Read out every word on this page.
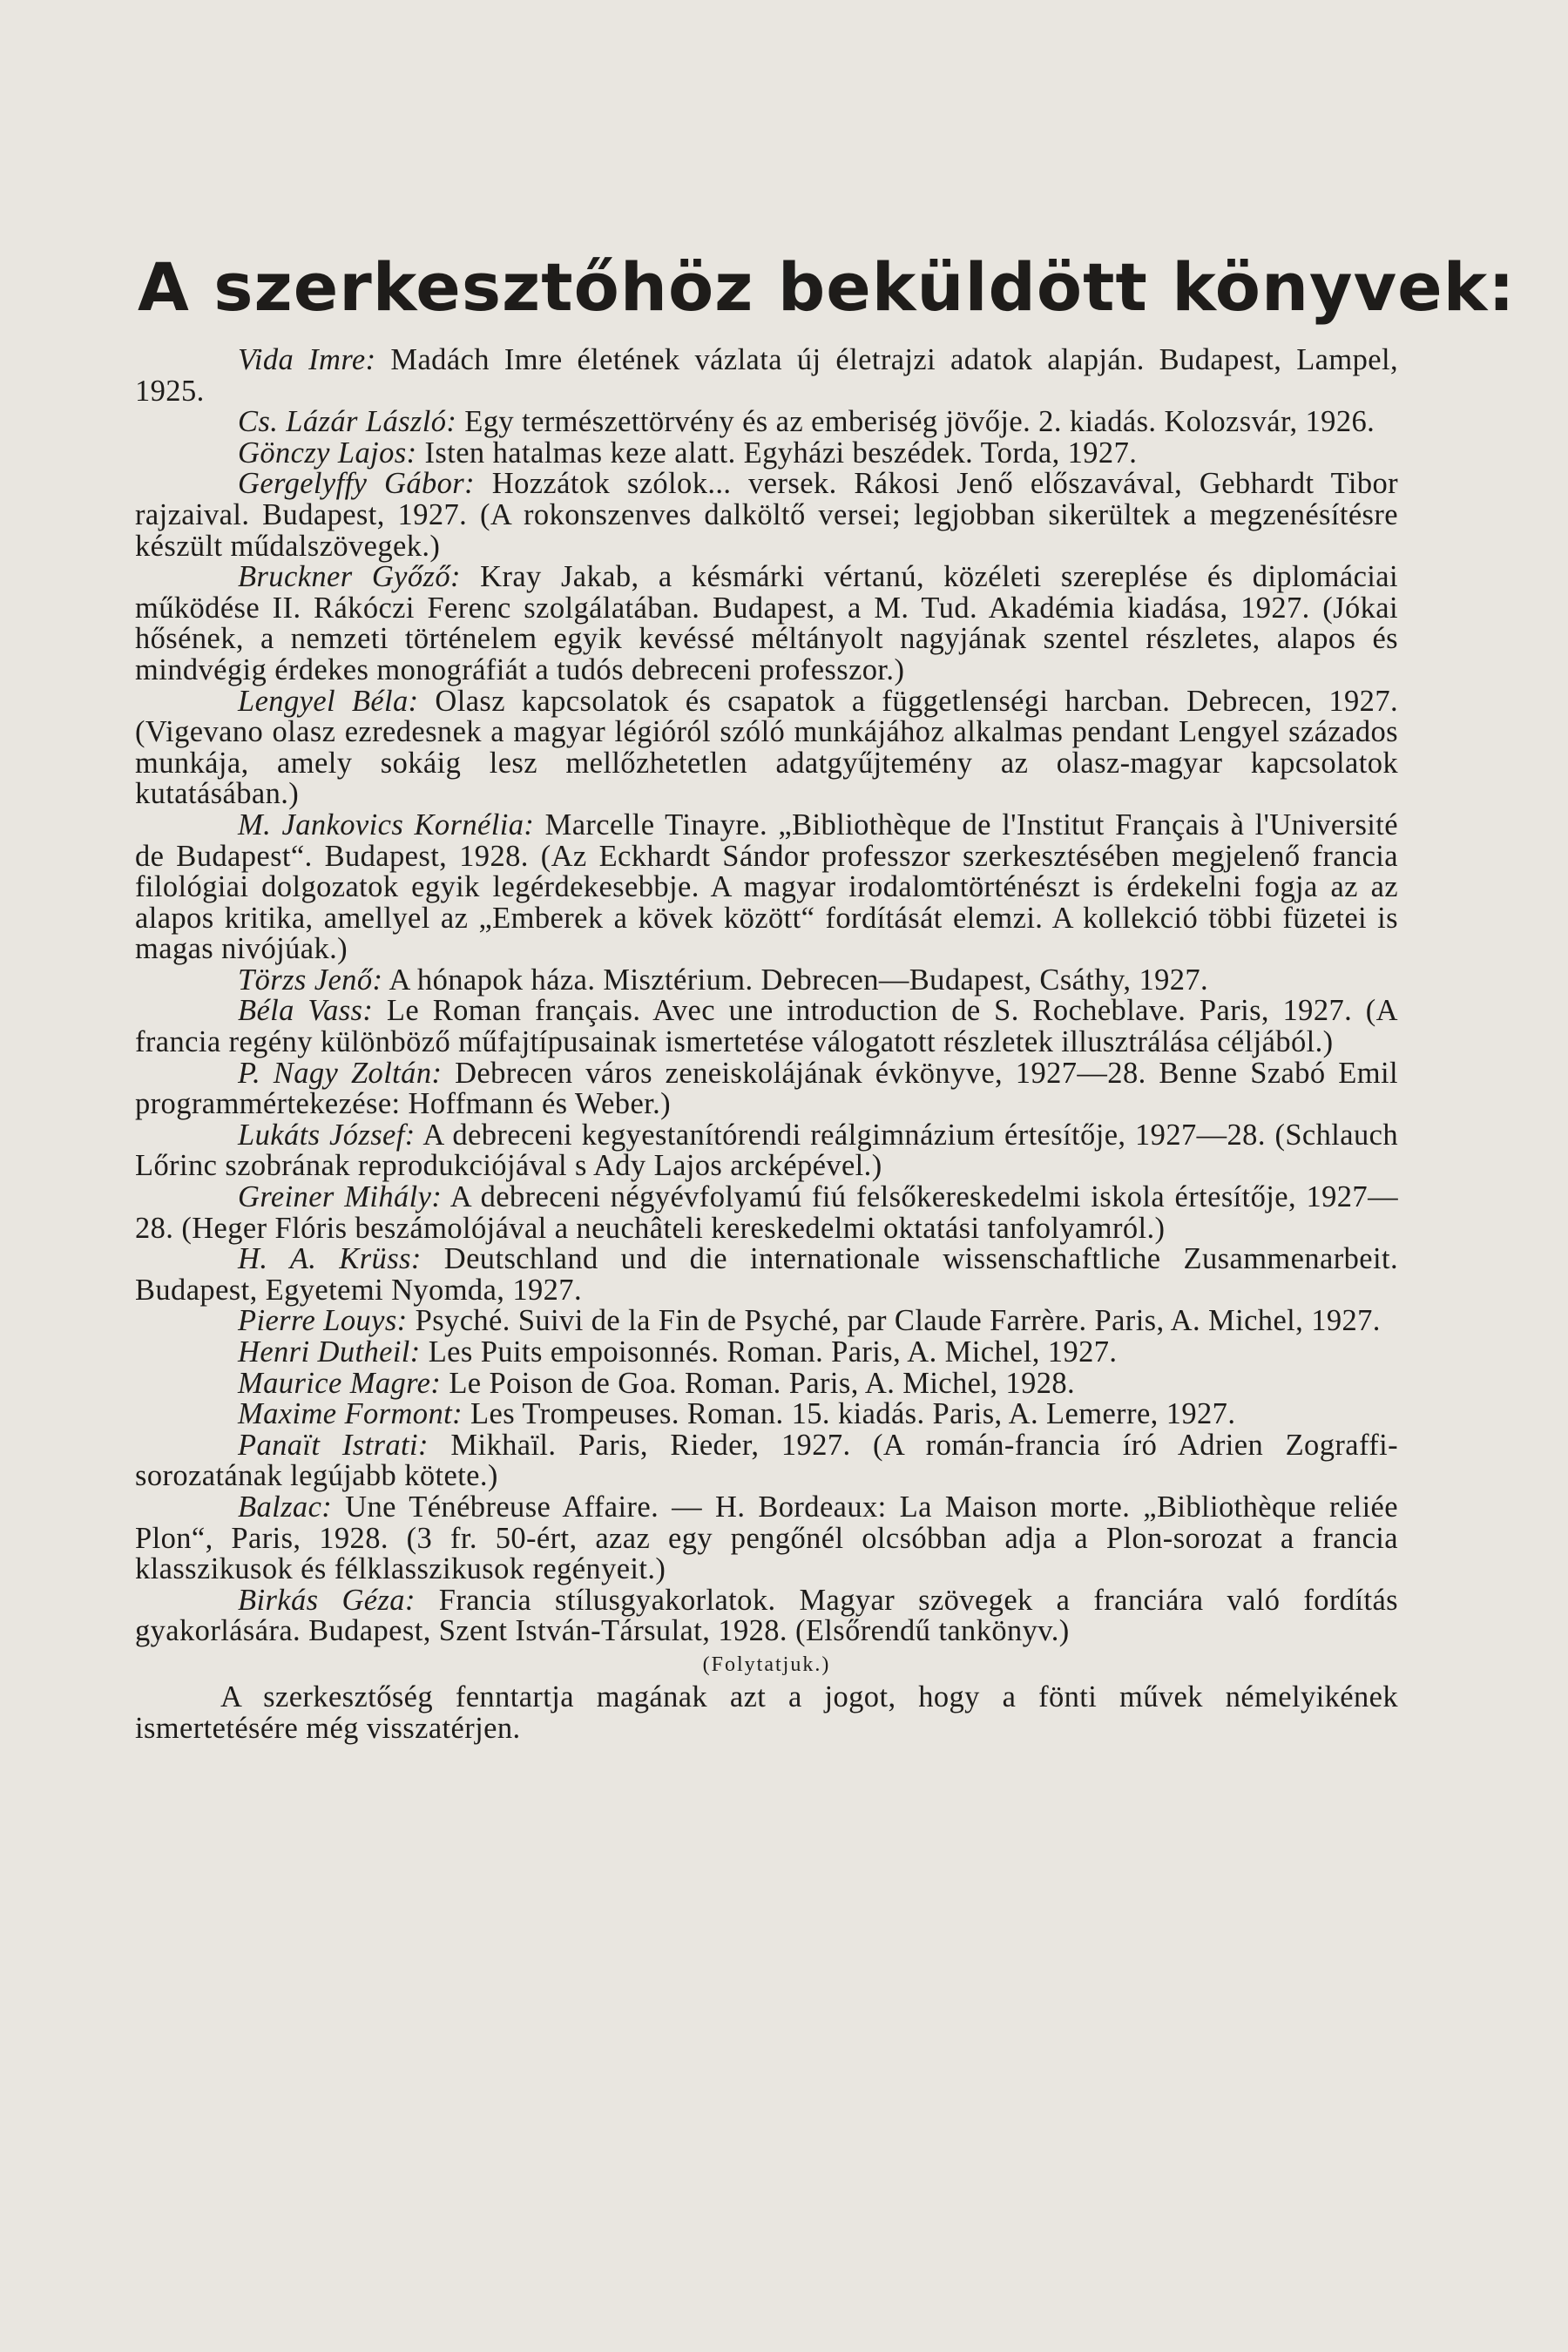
A szerkesztőhöz beküldött könyvek:

Vida Imre: Madách Imre életének vázlata új életrajzi adatok alapján. Budapest, Lampel, 1925.

Cs. Lázár László: Egy természettörvény és az emberiség jövője. 2. kiadás. Kolozsvár, 1926.

Gönczy Lajos: Isten hatalmas keze alatt. Egyházi beszédek. Torda, 1927.

Gergelyffy Gábor: Hozzátok szólok... versek. Rákosi Jenő előszavával, Gebhardt Tibor rajzaival. Budapest, 1927. (A rokonszenves dalköltő versei; legjobban sikerültek a megzenésítésre készült műdalszövegek.)

Bruckner Győző: Kray Jakab, a késmárki vértanú, közéleti szereplése és diplomáciai működése II. Rákóczi Ferenc szolgálatában. Budapest, a M. Tud. Akadémia kiadása, 1927. (Jókai hősének, a nemzeti történelem egyik kevéssé méltányolt nagyjának szentel részletes, alapos és mindvégig érdekes monográfiát a tudós debreceni professzor.)

Lengyel Béla: Olasz kapcsolatok és csapatok a függetlenségi harcban. Debrecen, 1927. (Vigevano olasz ezredesnek a magyar légióról szóló munkájához alkalmas pendant Lengyel százados munkája, amely sokáig lesz mellőzhetetlen adatgyűjtemény az olasz-magyar kapcsolatok kutatásában.)

M. Jankovics Kornélia: Marcelle Tinayre. „Bibliothèque de l'Institut Français à l'Université de Budapest“. Budapest, 1928. (Az Eckhardt Sándor professzor szerkesztésében megjelenő francia filológiai dolgozatok egyik legérdekesebbje. A magyar irodalomtörténészt is érdekelni fogja az az alapos kritika, amellyel az „Emberek a kövek között“ fordítását elemzi. A kollekció többi füzetei is magas nivójúak.)

Törzs Jenő: A hónapok háza. Misztérium. Debrecen—Budapest, Csáthy, 1927.

Béla Vass: Le Roman français. Avec une introduction de S. Rocheblave. Paris, 1927. (A francia regény különböző műfajtípusainak ismertetése válogatott részletek illusztrálása céljából.)

P. Nagy Zoltán: Debrecen város zeneiskolájának évkönyve, 1927—28. Benne Szabó Emil programmértekezése: Hoffmann és Weber.)

Lukáts József: A debreceni kegyestanítórendi reálgimnázium értesítője, 1927—28. (Schlauch Lőrinc szobrának reprodukciójával s Ady Lajos arcképével.)

Greiner Mihály: A debreceni négyévfolyamú fiú felsőkereskedelmi iskola értesítője, 1927—28. (Heger Flóris beszámolójával a neuchâteli kereskedelmi oktatási tanfolyamról.)

H. A. Krüss: Deutschland und die internationale wissenschaftliche Zusammenarbeit. Budapest, Egyetemi Nyomda, 1927.

Pierre Louys: Psyché. Suivi de la Fin de Psyché, par Claude Farrère. Paris, A. Michel, 1927.

Henri Dutheil: Les Puits empoisonnés. Roman. Paris, A. Michel, 1927.

Maurice Magre: Le Poison de Goa. Roman. Paris, A. Michel, 1928.

Maxime Formont: Les Trompeuses. Roman. 15. kiadás. Paris, A. Lemerre, 1927.

Panaït Istrati: Mikhaïl. Paris, Rieder, 1927. (A román-francia író Adrien Zograffi-sorozatának legújabb kötete.)

Balzac: Une Ténébreuse Affaire. — H. Bordeaux: La Maison morte. „Bibliothèque reliée Plon“, Paris, 1928. (3 fr. 50-ért, azaz egy pengőnél olcsóbban adja a Plon-sorozat a francia klasszikusok és félklasszikusok regényeit.)

Birkás Géza: Francia stílusgyakorlatok. Magyar szövegek a franciára való fordítás gyakorlására. Budapest, Szent István-Társulat, 1928. (Elsőrendű tankönyv.)

(Folytatjuk.)

A szerkesztőség fenntartja magának azt a jogot, hogy a fönti művek némelyikének ismertetésére még visszatérjen.
